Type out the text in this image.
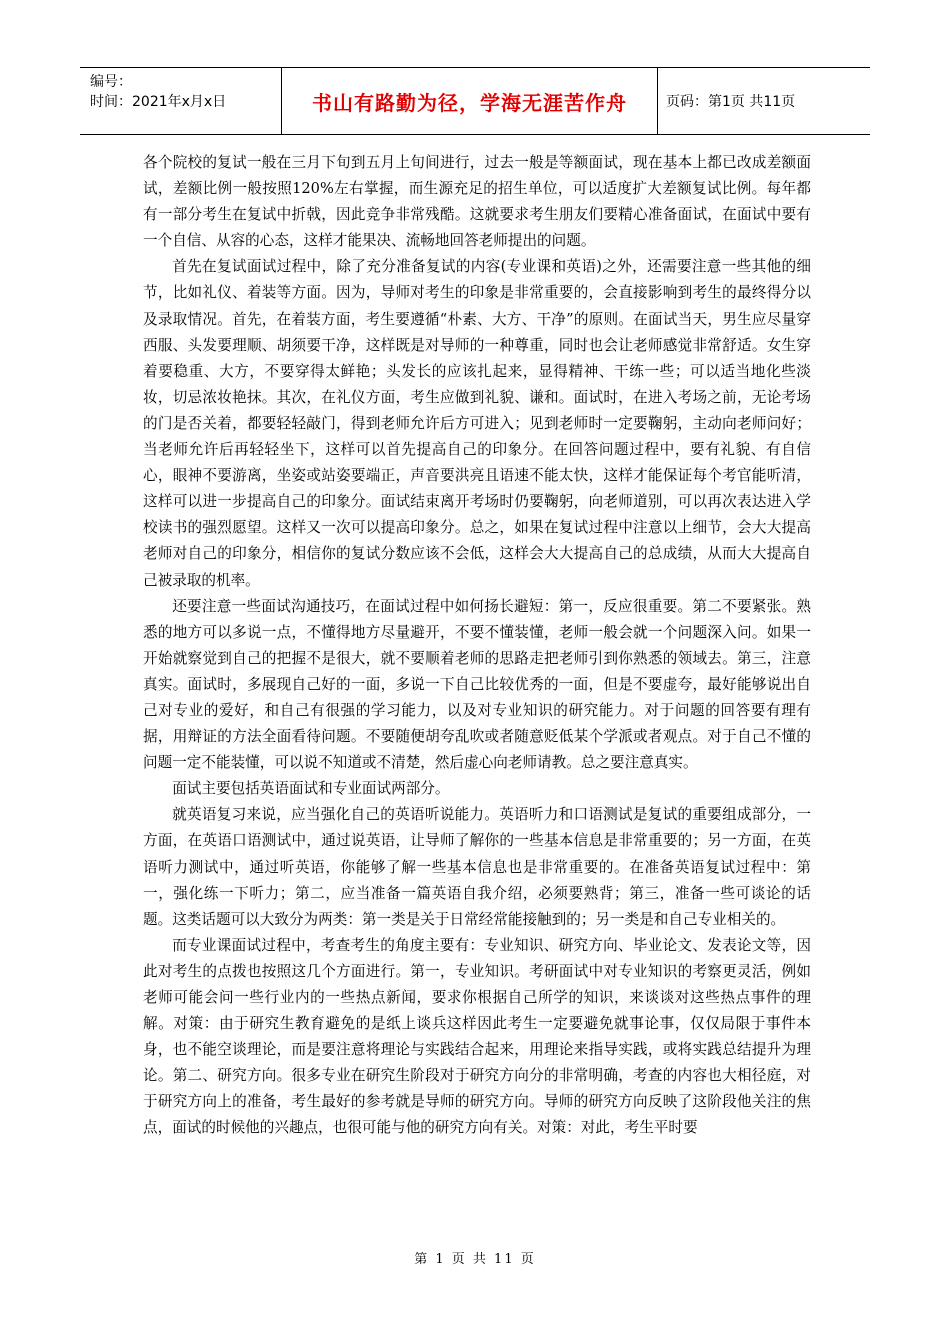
编号：
时间：2021年x月x日	书山有路勤为径，学海无涯苦作舟	页码：第1页 共11页

各个院校的复试一般在三月下旬到五月上旬间进行，过去一般是等额面试，现在基本上都已改成差额面试，差额比例一般按照120%左右掌握，而生源充足的招生单位，可以适度扩大差额复试比例。每年都有一部分考生在复试中折戟，因此竞争非常残酷。这就要求考生朋友们要精心准备面试，在面试中要有一个自信、从容的心态，这样才能果决、流畅地回答老师提出的问题。

首先在复试面试过程中，除了充分准备复试的内容(专业课和英语)之外，还需要注意一些其他的细节，比如礼仪、着装等方面。因为，导师对考生的印象是非常重要的，会直接影响到考生的最终得分以及录取情况。首先，在着装方面，考生要遵循“朴素、大方、干净”的原则。在面试当天，男生应尽量穿西服、头发要理顺、胡须要干净，这样既是对导师的一种尊重，同时也会让老师感觉非常舒适。女生穿着要稳重、大方，不要穿得太鲜艳；头发长的应该扎起来，显得精神、干练一些；可以适当地化些淡妆，切忌浓妆艳抹。其次，在礼仪方面，考生应做到礼貌、谦和。面试时，在进入考场之前，无论考场的门是否关着，都要轻轻敲门，得到老师允许后方可进入；见到老师时一定要鞠躬，主动向老师问好；当老师允许后再轻轻坐下，这样可以首先提高自己的印象分。在回答问题过程中，要有礼貌、有自信心，眼神不要游离，坐姿或站姿要端正，声音要洪亮且语速不能太快，这样才能保证每个考官能听清，这样可以进一步提高自己的印象分。面试结束离开考场时仍要鞠躬，向老师道别，可以再次表达进入学校读书的强烈愿望。这样又一次可以提高印象分。总之，如果在复试过程中注意以上细节，会大大提高老师对自己的印象分，相信你的复试分数应该不会低，这样会大大提高自己的总成绩，从而大大提高自己被录取的机率。

还要注意一些面试沟通技巧，在面试过程中如何扬长避短：第一，反应很重要。第二不要紧张。熟悉的地方可以多说一点，不懂得地方尽量避开，不要不懂装懂，老师一般会就一个问题深入问。如果一开始就察觉到自己的把握不是很大，就不要顺着老师的思路走把老师引到你熟悉的领域去。第三，注意真实。面试时，多展现自己好的一面，多说一下自己比较优秀的一面，但是不要虚夸，最好能够说出自己对专业的爱好，和自己有很强的学习能力，以及对专业知识的研究能力。对于问题的回答要有理有据，用辩证的方法全面看待问题。不要随便胡夸乱吹或者随意贬低某个学派或者观点。对于自己不懂的问题一定不能装懂，可以说不知道或不清楚，然后虚心向老师请教。总之要注意真实。

面试主要包括英语面试和专业面试两部分。

就英语复习来说，应当强化自己的英语听说能力。英语听力和口语测试是复试的重要组成部分，一方面，在英语口语测试中，通过说英语，让导师了解你的一些基本信息是非常重要的；另一方面，在英语听力测试中，通过听英语，你能够了解一些基本信息也是非常重要的。在准备英语复试过程中：第一，强化练一下听力；第二，应当准备一篇英语自我介绍，必须要熟背；第三，准备一些可谈论的话题。这类话题可以大致分为两类：第一类是关于日常经常能接触到的；另一类是和自己专业相关的。

而专业课面试过程中，考查考生的角度主要有：专业知识、研究方向、毕业论文、发表论文等，因此对考生的点拨也按照这几个方面进行。第一，专业知识。考研面试中对专业知识的考察更灵活，例如老师可能会问一些行业内的一些热点新闻，要求你根据自己所学的知识，来谈谈对这些热点事件的理解。对策：由于研究生教育避免的是纸上谈兵这样因此考生一定要避免就事论事，仅仅局限于事件本身，也不能空谈理论，而是要注意将理论与实践结合起来，用理论来指导实践，或将实践总结提升为理论。第二、研究方向。很多专业在研究生阶段对于研究方向分的非常明确，考查的内容也大相径庭，对于研究方向上的准备，考生最好的参考就是导师的研究方向。导师的研究方向反映了这阶段他关注的焦点，面试的时候他的兴趣点，也很可能与他的研究方向有关。对策：对此，考生平时要

第 1 页 共 11 页
